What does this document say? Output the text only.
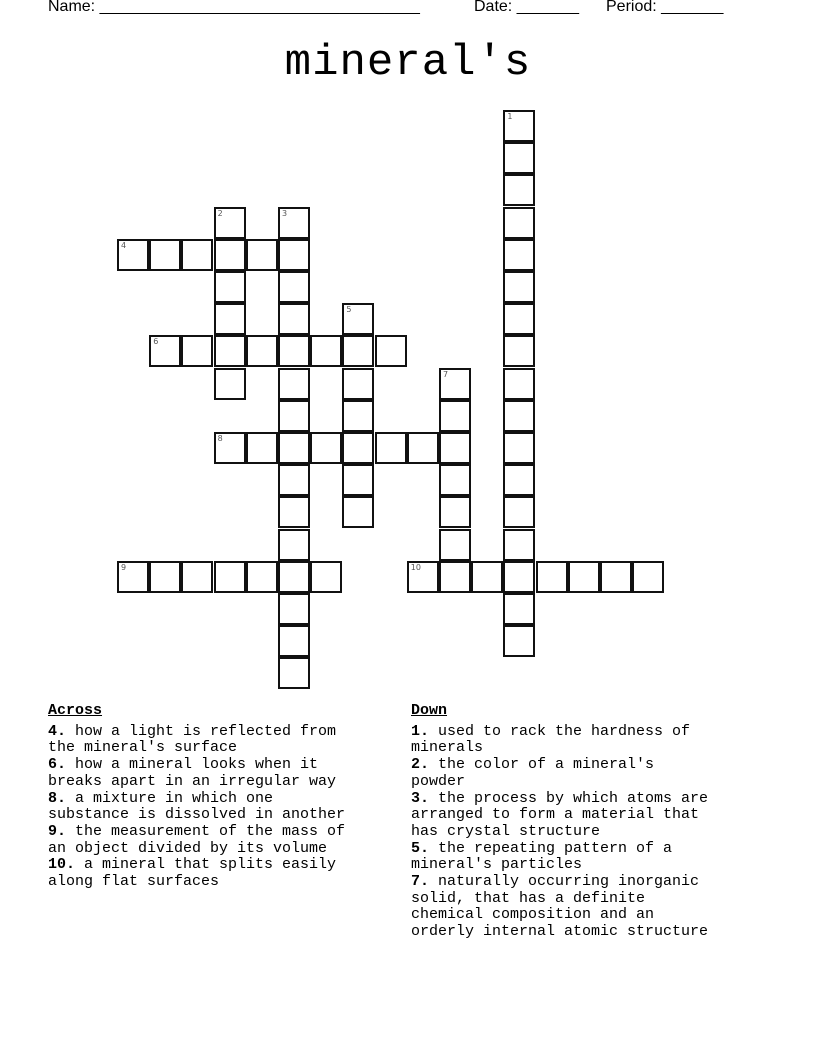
Name: ____________________________________	Date: _______ Period: _______
mineral's
1
2	3
4
5
6
7
8
9	10
Across
4. how a light is reflected from
the mineral's surface
6. how a mineral looks when it
breaks apart in an irregular way
8. a mixture in which one
substance is dissolved in another
9. the measurement of the mass of
an object divided by its volume
10. a mineral that splits easily
along flat surfaces
Down
1. used to rack the hardness of
minerals
2. the color of a mineral's
powder
3. the process by which atoms are
arranged to form a material that
has crystal structure
5. the repeating pattern of a
mineral's particles
7. naturally occurring inorganic
solid, that has a definite
chemical composition and an
orderly internal atomic structure
